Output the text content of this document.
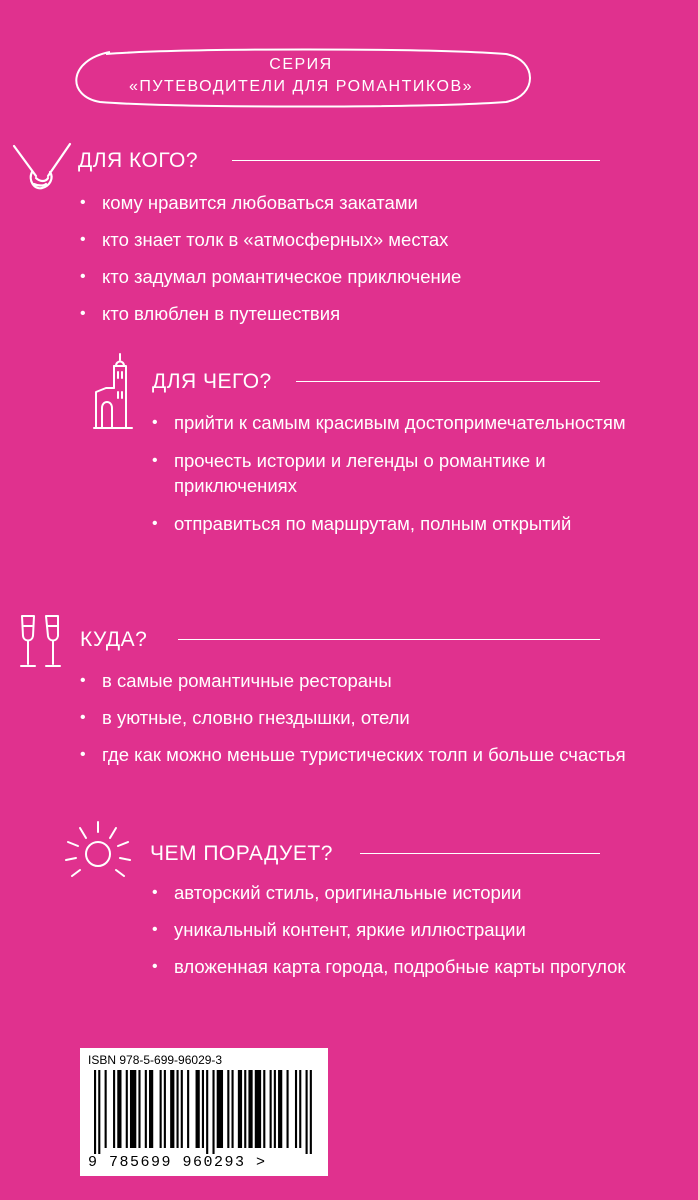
СЕРИЯ
«ПУТЕВОДИТЕЛИ ДЛЯ РОМАНТИКОВ»
ДЛЯ КОГО?
• кому нравится любоваться закатами
• кто знает толк в «атмосферных» местах
• кто задумал романтическое приключение
• кто влюблен в путешествия
ДЛЯ ЧЕГО?
• прийти к самым красивым достопримечательностям
• прочесть истории и легенды о романтике и приключениях
• отправиться по маршрутам, полным открытий
КУДА?
• в самые романтичные рестораны
• в уютные, словно гнездышки, отели
• где как можно меньше туристических толп и больше счастья
ЧЕМ ПОРАДУЕТ?
• авторский стиль, оригинальные истории
• уникальный контент, яркие иллюстрации
• вложенная карта города, подробные карты прогулок
ISBN 978-5-699-96029-3
9 785699 960293 >
